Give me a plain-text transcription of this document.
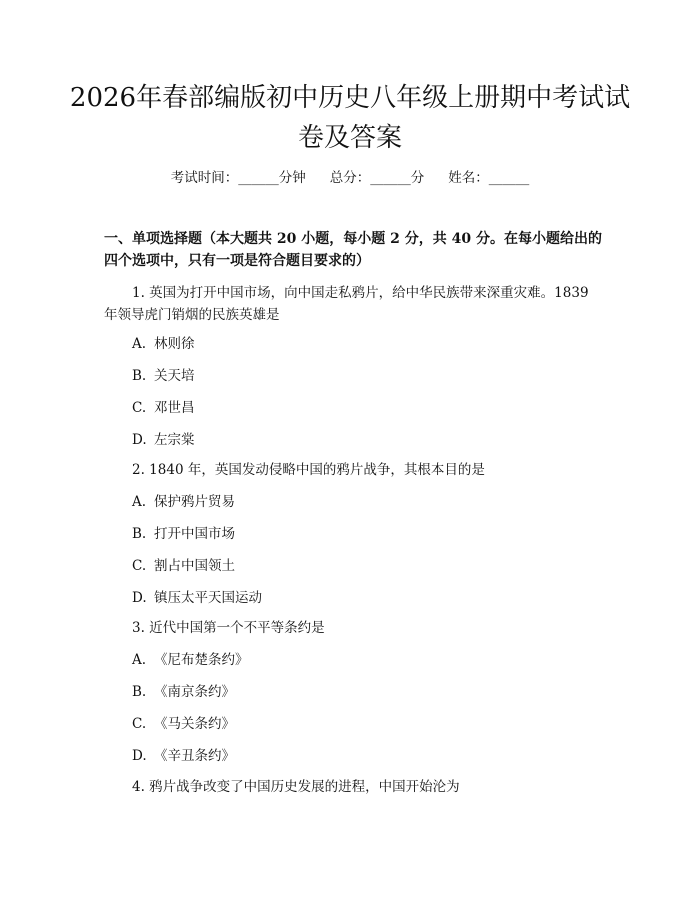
2026年春部编版初中历史八年级上册期中考试试卷及答案
考试时间：______分钟 总分：______分 姓名：______

一、单项选择题（本大题共 20 小题，每小题 2 分，共 40 分。在每小题给出的四个选项中，只有一项是符合题目要求的）

1. 英国为打开中国市场，向中国走私鸦片，给中华民族带来深重灾难。1839 年领导虎门销烟的民族英雄是

A. 林则徐
B. 关天培
C. 邓世昌
D. 左宗棠

2. 1840 年，英国发动侵略中国的鸦片战争，其根本目的是

A. 保护鸦片贸易
B. 打开中国市场
C. 割占中国领土
D. 镇压太平天国运动

3. 近代中国第一个不平等条约是

A. 《尼布楚条约》
B. 《南京条约》
C. 《马关条约》
D. 《辛丑条约》

4. 鸦片战争改变了中国历史发展的进程，中国开始沦为
